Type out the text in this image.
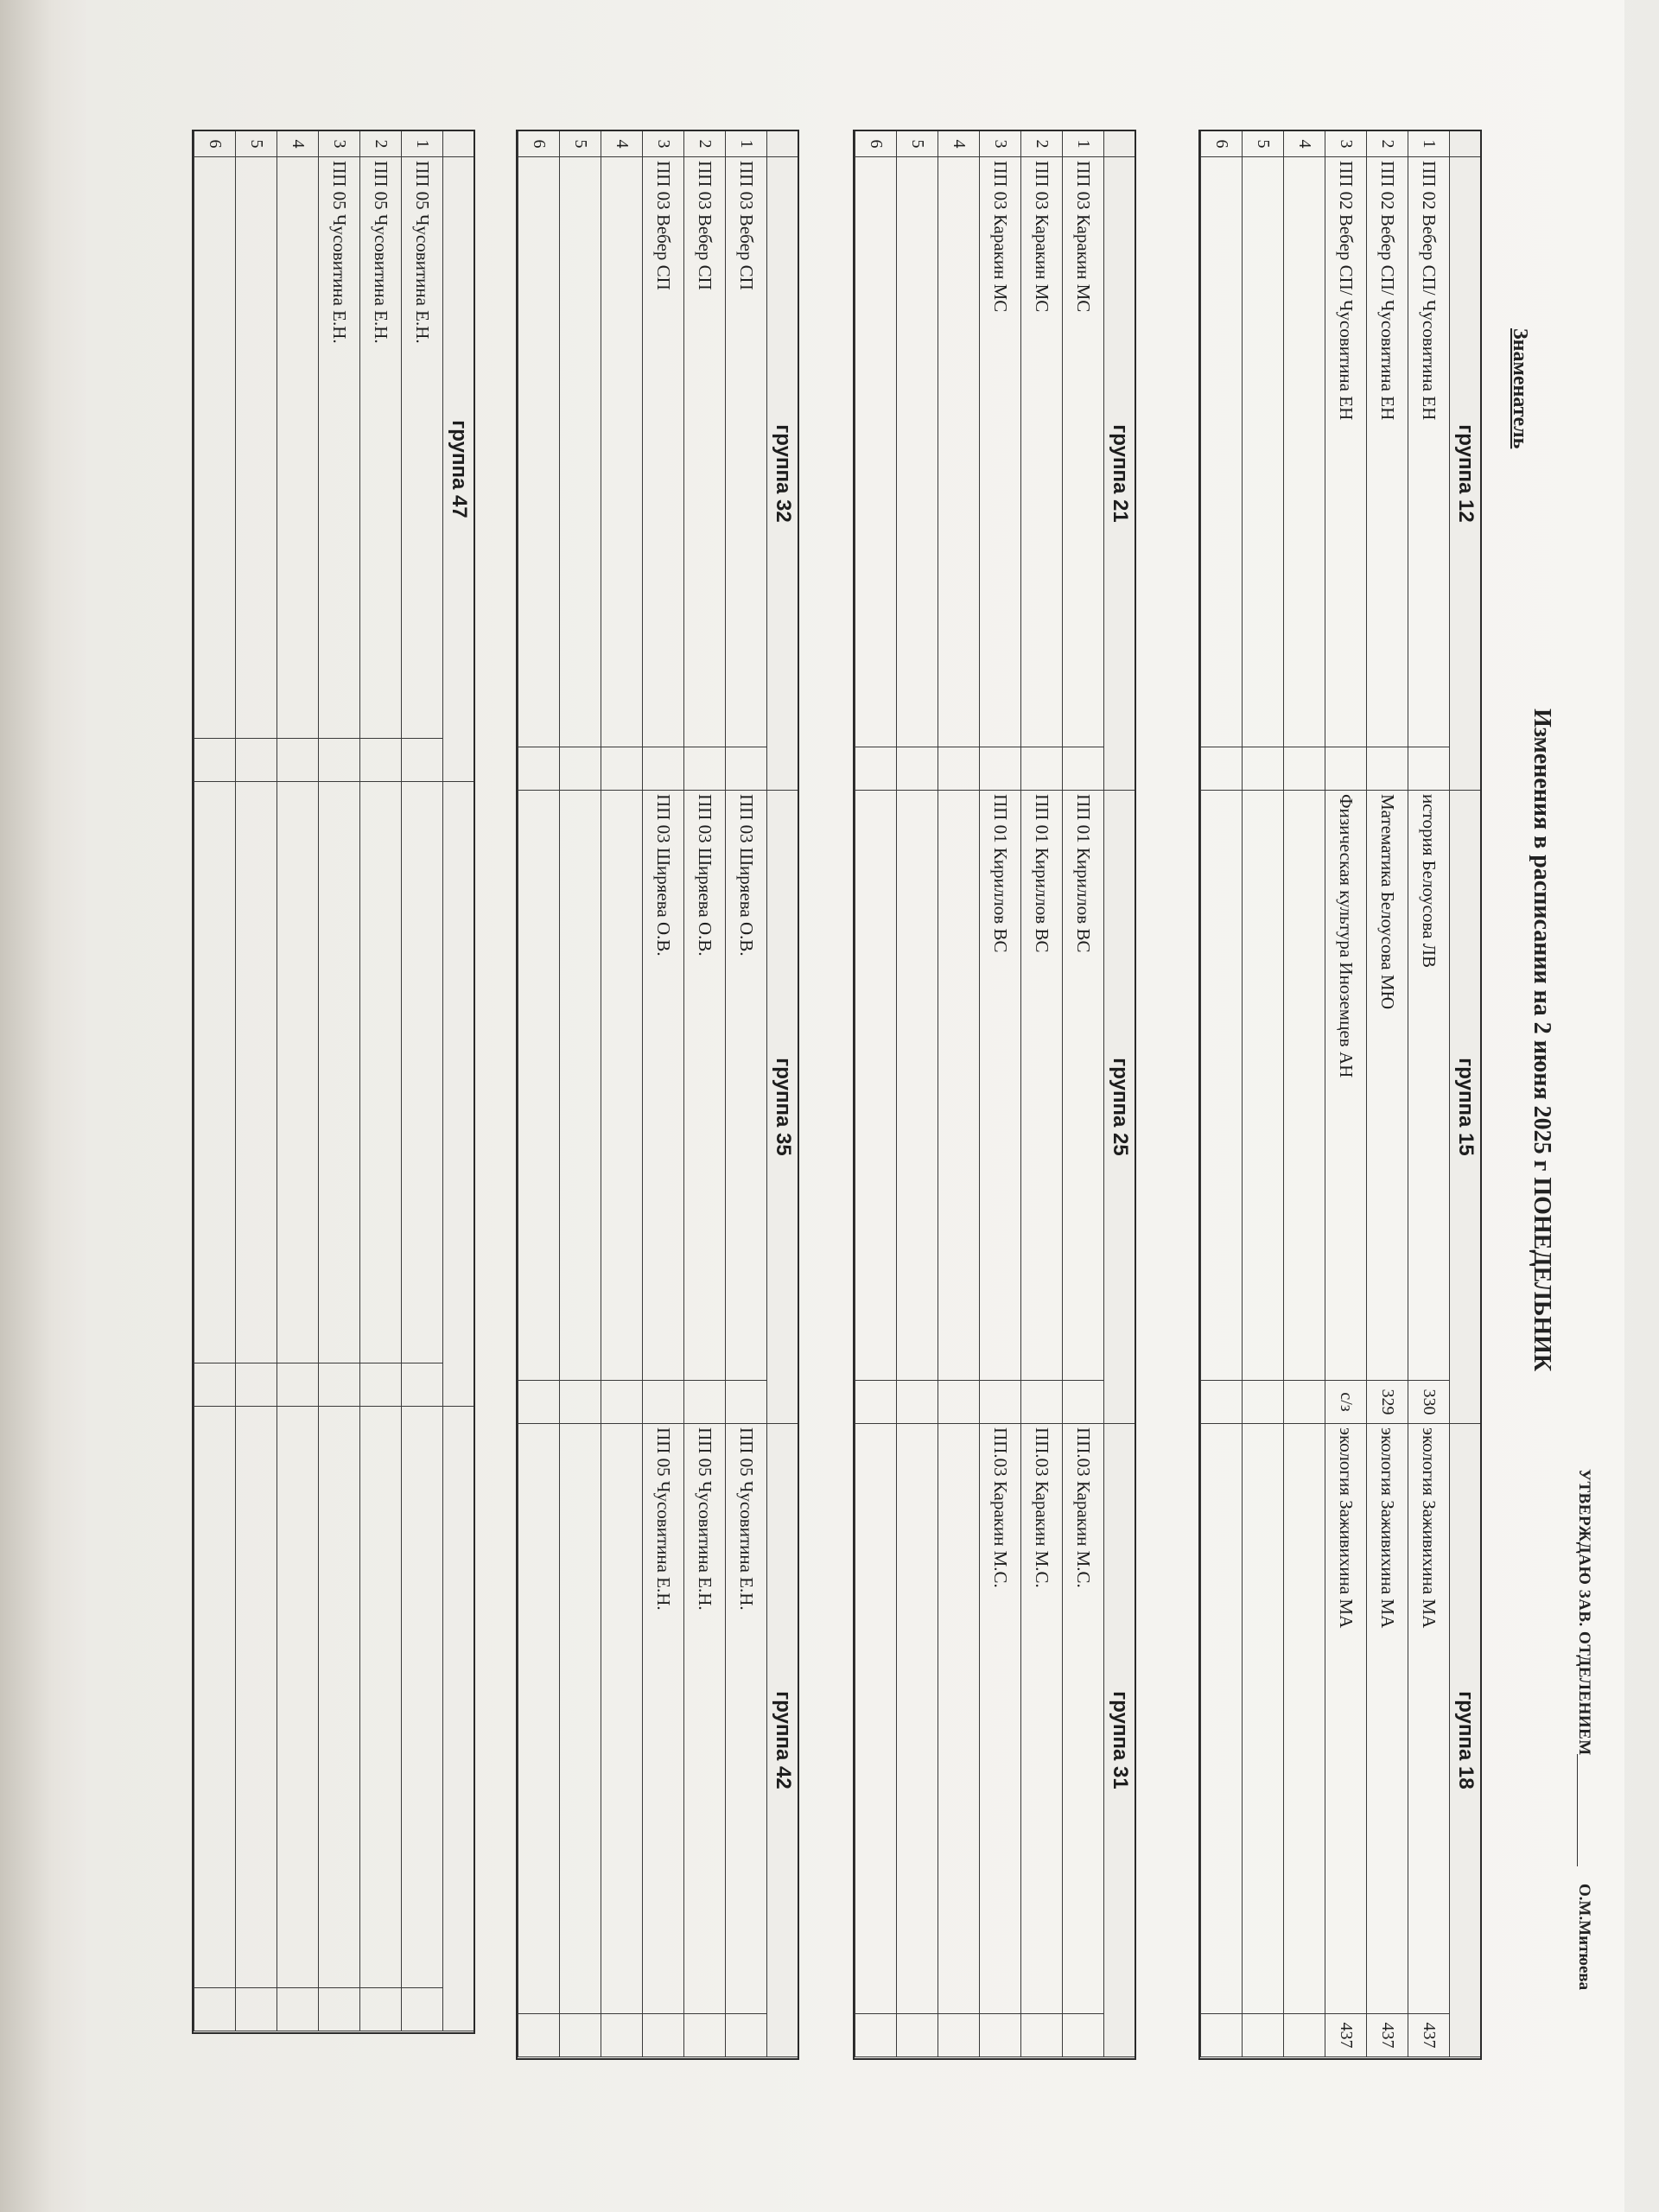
УТВЕРЖДАЮ ЗАВ. ОТДЕЛЕНИЕМ
О.М.Митюева
Изменения в расписании на 2 июня 2025 г ПОНЕДЕЛЬНИК
Знаменатель
группа 12
группа 15
группа 18
1
ПП 02 Вебер СП/ Чусовитина ЕН
история Белоусова ЛВ
330
экология Заживихина МА
437
2
ПП 02 Вебер СП/ Чусовитина ЕН
Математика Белоусова МЮ
329
экология Заживихина МА
437
3
ПП 02 Вебер СП/ Чусовитина ЕН
Физическая культура Иноземцев АН
с/з
экология Заживихина МА
437
4
5
6
группа 21
группа 25
группа 31
1
ПП 03 Каракин МС
ПП 01 Кириллов ВС
ПП.03 Каракин М.С.
2
ПП 03 Каракин МС
ПП 01 Кириллов ВС
ПП.03 Каракин М.С.
3
ПП 03 Каракин МС
ПП 01 Кириллов ВС
ПП.03 Каракин М.С.
4
5
6
группа 32
группа 35
группа 42
1
ПП 03 Вебер СП
ПП 03 Ширяева О.В.
ПП 05 Чусовитина Е.Н.
2
ПП 03 Вебер СП
ПП 03 Ширяева О.В.
ПП 05 Чусовитина Е.Н.
3
ПП 03 Вебер СП
ПП 03 Ширяева О.В.
ПП 05 Чусовитина Е.Н.
4
5
6
группа 47
1
ПП 05 Чусовитина Е.Н.
2
ПП 05 Чусовитина Е.Н.
3
ПП 05 Чусовитина Е.Н.
4
5
6
